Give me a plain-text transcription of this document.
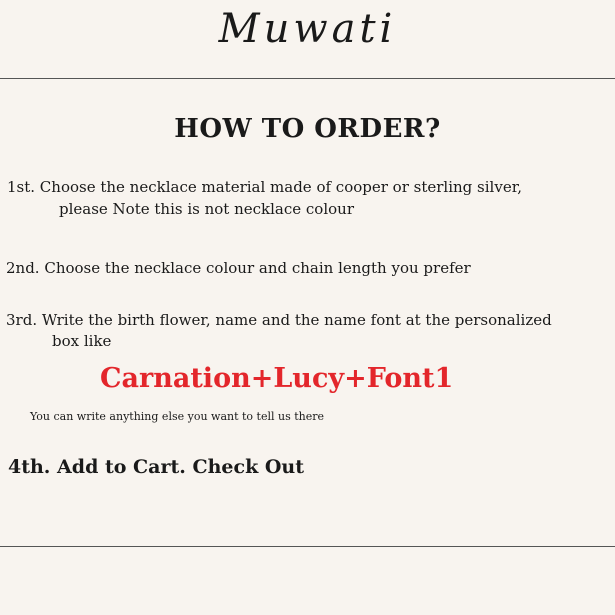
Muwati
HOW TO ORDER?
1st. Choose the necklace material made of cooper or sterling silver,
please Note this is not necklace colour
2nd. Choose the necklace colour and chain length you prefer
3rd. Write the birth flower, name and the name font at the personalized
box like
Carnation+Lucy+Font1
You can write anything else you want to tell us there
4th. Add to Cart. Check Out
